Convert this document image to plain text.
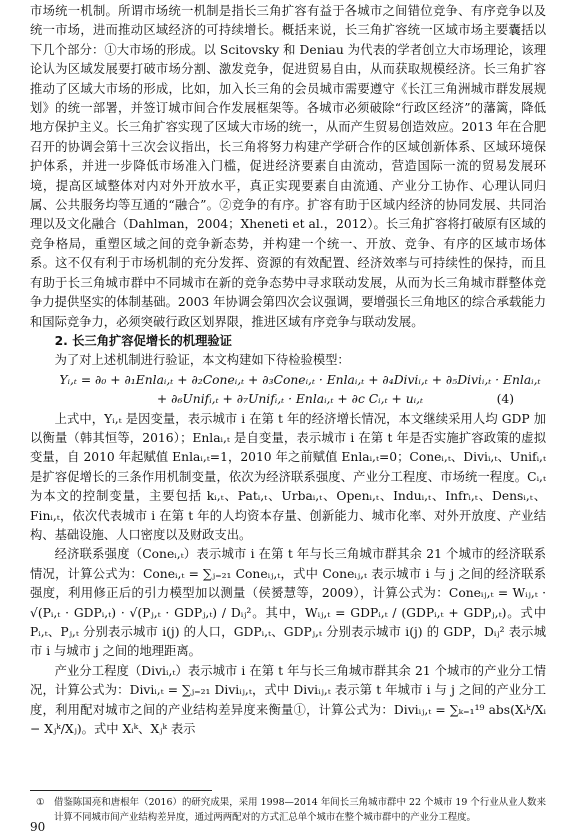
市场统一机制。所谓市场统一机制是指长三角扩容有益于各城市之间错位竞争、有序竞争以及统一市场，进而推动区域经济的可持续增长。概括来说，长三角扩容统一区域市场主要囊括以下几个部分：①大市场的形成。以 Scitovsky 和 Deniau 为代表的学者创立大市场理论，该理论认为区域发展要打破市场分割、激发竞争，促进贸易自由，从而获取规模经济。长三角扩容推动了区域大市场的形成，比如，加入长三角的会员城市需要遵守《长江三角洲城市群发展规划》的统一部署，并签订城市间合作发展框架等。各城市必须破除“行政区经济”的藩篱，降低地方保护主义。长三角扩容实现了区域大市场的统一，从而产生贸易创造效应。2013 年在合肥召开的协调会第十三次会议指出，长三角将努力构建产学研合作的区域创新体系、区域环境保护体系，并进一步降低市场准入门槛，促进经济要素自由流动，营造国际一流的贸易发展环境，提高区域整体对内对外开放水平，真正实现要素自由流通、产业分工协作、心理认同归属、公共服务均等互通的“融合”。②竞争的有序。扩容有助于区域内经济的协同发展、共同治理以及文化融合（Dahlman，2004；Xheneti et al.，2012）。长三角扩容将打破原有区域的竞争格局，重塑区域之间的竞争新态势，并构建一个统一、开放、竞争、有序的区域市场体系。这不仅有利于市场机制的充分发挥、资源的有效配置、经济效率与可持续性的保持，而且有助于长三角城市群中不同城市在新的竞争态势中寻求联动发展，从而为长三角城市群整体竞争力提供坚实的体制基础。2003 年协调会第四次会议强调，要增强长三角地区的综合承载能力和国际竞争力，必须突破行政区划界限，推进区域有序竞争与联动发展。

2. 长三角扩容促增长的机理验证

为了对上述机制进行验证，本文构建如下待检验模型：

Yᵢ,ₜ = ∂₀ + ∂₁Enlaᵢ,ₜ + ∂₂Coneᵢ,ₜ + ∂₃Coneᵢ,ₜ · Enlaᵢ,ₜ + ∂₄Diviᵢ,ₜ + ∂₅Diviᵢ,ₜ · Enlaᵢ,ₜ

+ ∂₆Unifᵢ,ₜ + ∂₇Unifᵢ,ₜ · Enlaᵢ,ₜ + ∂c Cᵢ,ₜ + uᵢ,ₜ	(4)

上式中，Yᵢ,ₜ 是因变量，表示城市 i 在第 t 年的经济增长情况，本文继续采用人均 GDP 加以衡量（韩其恒等，2016）；Enlaᵢ,ₜ 是自变量，表示城市 i 在第 t 年是否实施扩容政策的虚拟变量，自 2010 年起赋值 Enlaᵢ,ₜ=1，2010 年之前赋值 Enlaᵢ,ₜ=0；Coneᵢ,ₜ、Diviᵢ,ₜ、Unifᵢ,ₜ 是扩容促增长的三条作用机制变量，依次为经济联系强度、产业分工程度、市场统一程度。Cᵢ,ₜ 为本文的控制变量，主要包括 kᵢ,ₜ、Patᵢ,ₜ、Urbaᵢ,ₜ、Openᵢ,ₜ、Induᵢ,ₜ、Infrᵢ,ₜ、Densᵢ,ₜ、Finᵢ,ₜ，依次代表城市 i 在第 t 年的人均资本存量、创新能力、城市化率、对外开放度、产业结构、基础设施、人口密度以及财政支出。

经济联系强度（Coneᵢ,ₜ）表示城市 i 在第 t 年与长三角城市群其余 21 个城市的经济联系情况，计算公式为：Coneᵢ,ₜ = ∑ⱼ₌₂₁ Coneᵢⱼ,ₜ，式中 Coneᵢⱼ,ₜ 表示城市 i 与 j 之间的经济联系强度，利用修正后的引力模型加以测量（侯赟慧等，2009），计算公式为：Coneᵢⱼ,ₜ = Wᵢⱼ,ₜ · √(Pᵢ,ₜ · GDPᵢ,ₜ) · √(Pⱼ,ₜ · GDPⱼ,ₜ) / Dᵢⱼ²。其中，Wᵢⱼ,ₜ = GDPᵢ,ₜ / (GDPᵢ,ₜ + GDPⱼ,ₜ)。式中 Pᵢ,ₜ、Pⱼ,ₜ 分别表示城市 i(j) 的人口，GDPᵢ,ₜ、GDPⱼ,ₜ 分别表示城市 i(j) 的 GDP，Dᵢⱼ² 表示城市 i 与城市 j 之间的地理距离。

产业分工程度（Diviᵢ,ₜ）表示城市 i 在第 t 年与长三角城市群其余 21 个城市的产业分工情况，计算公式为：Diviᵢ,ₜ = ∑ⱼ₌₂₁ Diviᵢⱼ,ₜ，式中 Diviᵢⱼ,ₜ 表示第 t 年城市 i 与 j 之间的产业分工度，利用配对城市之间的产业结构差异度来衡量①，计算公式为：Diviᵢⱼ,ₜ = ∑ₖ₌₁¹⁹ abs(Xᵢᵏ/Xᵢ − Xⱼᵏ/Xⱼ)。式中 Xᵢᵏ、Xⱼᵏ 表示

①	借鉴陈国亮和唐根年（2016）的研究成果，采用 1998—2014 年间长三角城市群中 22 个城市 19 个行业从业人数来计算不同城市间产业结构差异度，通过两两配对的方式汇总单个城市在整个城市群中的产业分工程度。
90
